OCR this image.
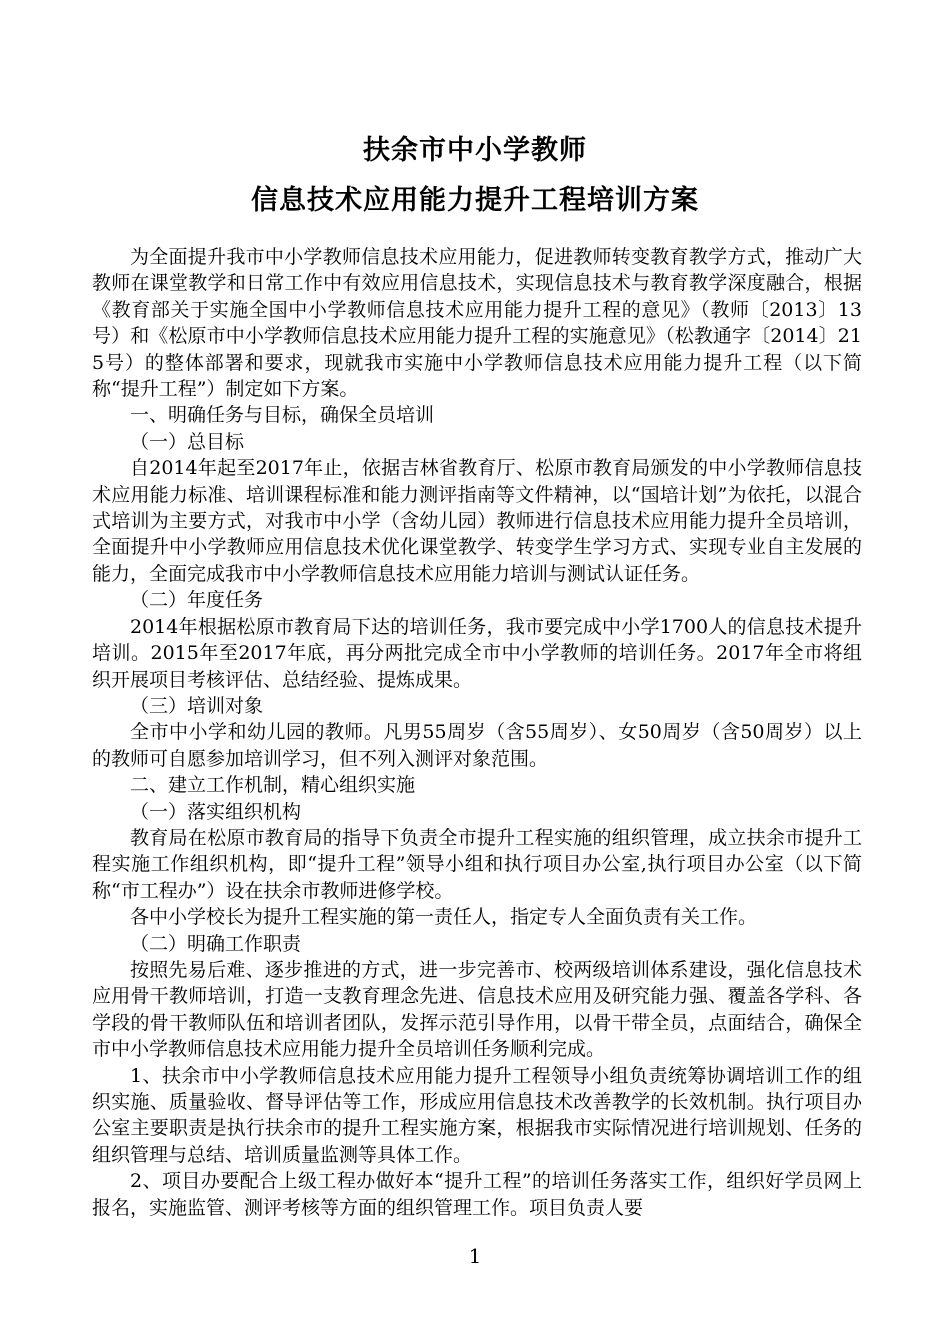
扶余市中小学教师
信息技术应用能力提升工程培训方案

为全面提升我市中小学教师信息技术应用能力，促进教师转变教育教学方式，推动广大教师在课堂教学和日常工作中有效应用信息技术，实现信息技术与教育教学深度融合，根据《教育部关于实施全国中小学教师信息技术应用能力提升工程的意见》（教师〔2013〕13号）和《松原市中小学教师信息技术应用能力提升工程的实施意见》（松教通字〔2014〕215号）的整体部署和要求，现就我市实施中小学教师信息技术应用能力提升工程（以下简称“提升工程”）制定如下方案。

一、明确任务与目标，确保全员培训

（一）总目标

自2014年起至2017年止，依据吉林省教育厅、松原市教育局颁发的中小学教师信息技术应用能力标准、培训课程标准和能力测评指南等文件精神，以“国培计划”为依托，以混合式培训为主要方式，对我市中小学（含幼儿园）教师进行信息技术应用能力提升全员培训，全面提升中小学教师应用信息技术优化课堂教学、转变学生学习方式、实现专业自主发展的能力，全面完成我市中小学教师信息技术应用能力培训与测试认证任务。

（二）年度任务

2014年根据松原市教育局下达的培训任务，我市要完成中小学1700人的信息技术提升培训。2015年至2017年底，再分两批完成全市中小学教师的培训任务。2017年全市将组织开展项目考核评估、总结经验、提炼成果。

（三）培训对象

全市中小学和幼儿园的教师。凡男55周岁（含55周岁）、女50周岁（含50周岁）以上的教师可自愿参加培训学习，但不列入测评对象范围。

二、建立工作机制，精心组织实施

（一）落实组织机构

教育局在松原市教育局的指导下负责全市提升工程实施的组织管理，成立扶余市提升工程实施工作组织机构，即“提升工程”领导小组和执行项目办公室,执行项目办公室（以下简称“市工程办”）设在扶余市教师进修学校。

各中小学校长为提升工程实施的第一责任人，指定专人全面负责有关工作。

（二）明确工作职责

按照先易后难、逐步推进的方式，进一步完善市、校两级培训体系建设，强化信息技术应用骨干教师培训，打造一支教育理念先进、信息技术应用及研究能力强、覆盖各学科、各学段的骨干教师队伍和培训者团队，发挥示范引导作用，以骨干带全员，点面结合，确保全市中小学教师信息技术应用能力提升全员培训任务顺利完成。

1、扶余市中小学教师信息技术应用能力提升工程领导小组负责统筹协调培训工作的组织实施、质量验收、督导评估等工作，形成应用信息技术改善教学的长效机制。执行项目办公室主要职责是执行扶余市的提升工程实施方案，根据我市实际情况进行培训规划、任务的组织管理与总结、培训质量监测等具体工作。

2、项目办要配合上级工程办做好本“提升工程”的培训任务落实工作，组织好学员网上报名，实施监管、测评考核等方面的组织管理工作。项目负责人要

1
